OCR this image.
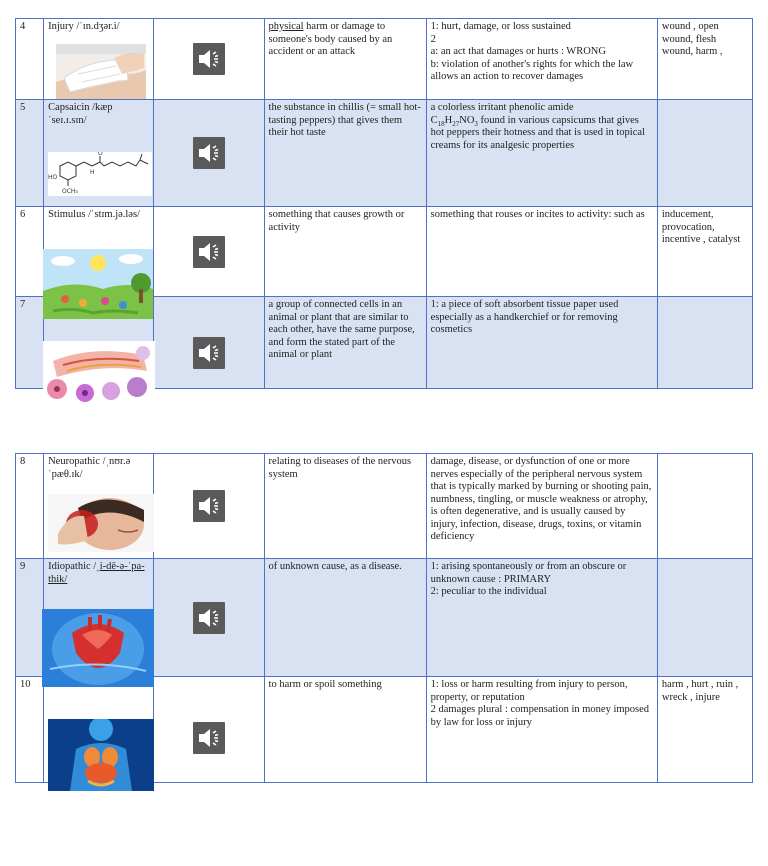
4	Injury /ˈɪn.dʒər.i/		physical harm or damage to someone's body caused by an accident or an attack	1: hurt, damage, or loss sustained
2
a: an act that damages or hurts : WRONG
b: violation of another's rights for which the law allows an action to recover damages	wound , open wound, flesh wound, harm ,
5	Capsaicin /kæp ˈseɪ.ɪ.sɪn/
H
O
HO
OCH₃		the substance in chillis (= small hot-tasting peppers) that gives them their hot taste	a colorless irritant phenolic amide
$C_{18}H_{27}NO_3$ found in various capsicums that gives hot peppers their hotness and that is used in topical creams for its analgesic properties	
6	Stimulus /ˈstɪm.jə.ləs/		something that causes growth or activity	something that rouses or incites to activity: such as	inducement, provocation, incentive , catalyst
7			a group of connected cells in an animal or plant that are similar to each other, have the same purpose, and form the stated part of the animal or plant	1: a piece of soft absorbent tissue paper used especially as a handkerchief or for removing cosmetics	
8	Neuropathic /ˌnʊr.ə ˈpæθ.ɪk/		relating to diseases of the nervous system	damage, disease, or dysfunction of one or more nerves especially of the peripheral nervous system that is typically marked by burning or shooting pain, numbness, tingling, or muscle weakness or atrophy, is often degenerative, and is usually caused by injury, infection, disease, drugs, toxins, or vitamin deficiency	
9	Idiopathic /ˌi-dē-ə-ˈpa-thik/		of unknown cause, as a disease.	1: arising spontaneously or from an obscure or unknown cause : PRIMARY
2: peculiar to the individual	

10			to harm or spoil something	1: loss or harm resulting from injury to person, property, or reputation
2 damages plural : compensation in money imposed by law for loss or injury	harm , hurt , ruin , wreck , injure
